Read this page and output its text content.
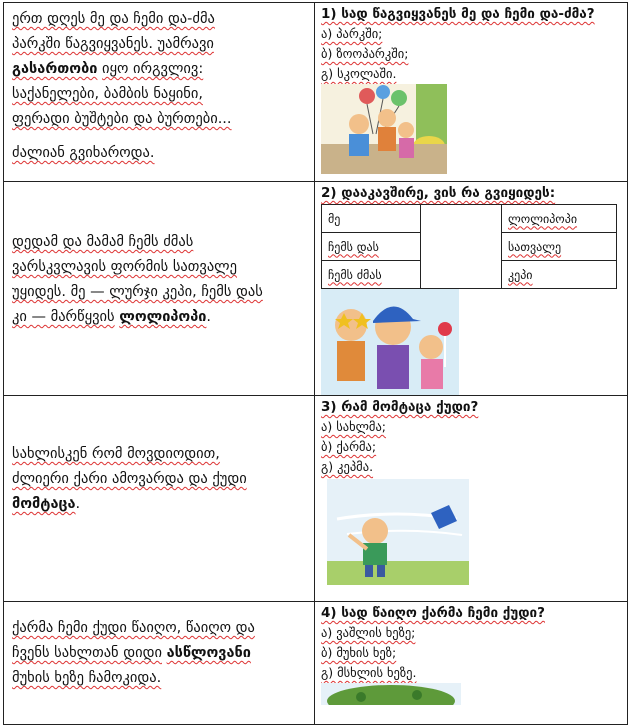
ერთ დღეს მე და ჩემი და-ძმა

პარკში წაგვიყვანეს. უამრავი

გასართობი იყო ირგვლივ:

საქანელები, ბამბის ნაყინი,

ფერადი ბუშტები და ბურთები...

ძალიან გვიხაროდა.

1) სად წაგვიყვანეს მე და ჩემი და-ძმა?

ა) პარკში;

ბ) ზოოპარკში;

გ) სკოლაში.

დედამ და მამამ ჩემს ძმას

ვარსკვლავის ფორმის სათვალე

უყიდეს. მე — ლურჯი კეპი, ჩემს დას

კი — მარწყვის ლოლიპოპი.

2) დააკავშირე, ვის რა გვიყიდეს:

მე		ლოლიპოპი
ჩემს დას		სათვალე
ჩემს ძმას		კეპი

სახლისკენ რომ მოვდიოდით,

ძლიერი ქარი ამოვარდა და ქუდი

მომტაცა.

3) რამ მომტაცა ქუდი?

ა) სახლმა;

ბ) ქარმა;

გ) კეპმა.

ქარმა ჩემი ქუდი წაიღო, წაიღო და

ჩვენს სახლთან დიდი ასწლოვანი

მუხის ხეზე ჩამოკიდა.

4) სად წაიღო ქარმა ჩემი ქუდი?

ა) ვაშლის ხეზე;

ბ) მუხის ხეზ;

გ) მსხლის ხეზე.
